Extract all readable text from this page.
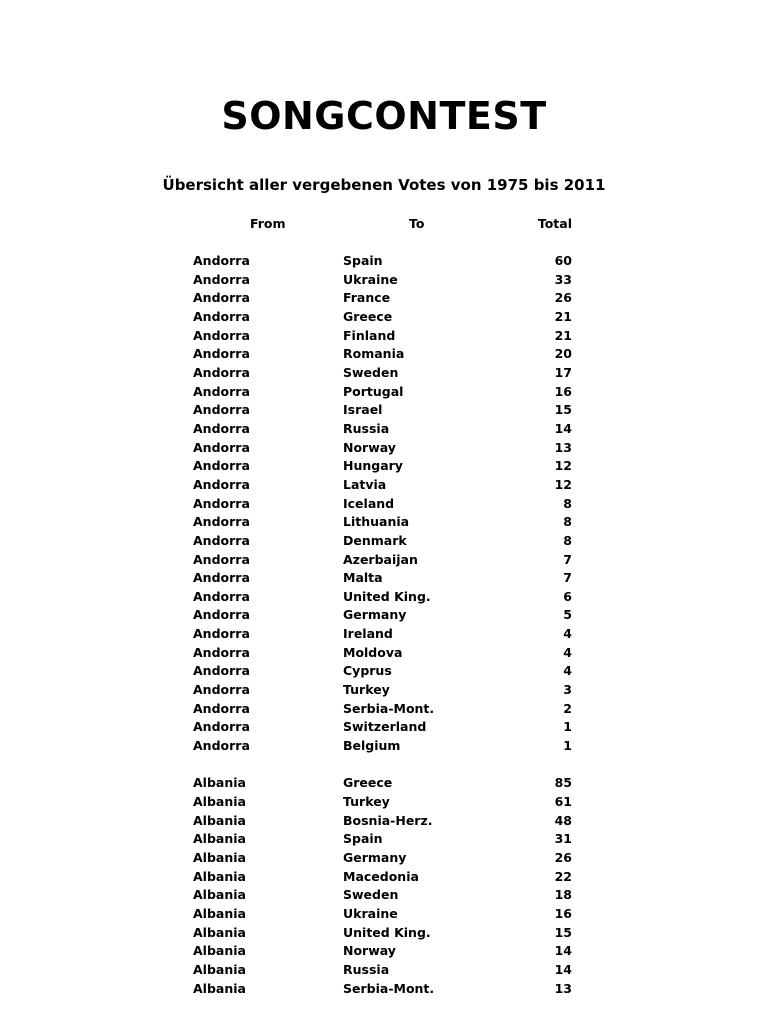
SONGCONTEST
Übersicht aller vergebenen Votes von 1975 bis 2011
From	To	Total
Andorra	Spain	60
Andorra	Ukraine	33
Andorra	France	26
Andorra	Greece	21
Andorra	Finland	21
Andorra	Romania	20
Andorra	Sweden	17
Andorra	Portugal	16
Andorra	Israel	15
Andorra	Russia	14
Andorra	Norway	13
Andorra	Hungary	12
Andorra	Latvia	12
Andorra	Iceland	8
Andorra	Lithuania	8
Andorra	Denmark	8
Andorra	Azerbaijan	7
Andorra	Malta	7
Andorra	United King.	6
Andorra	Germany	5
Andorra	Ireland	4
Andorra	Moldova	4
Andorra	Cyprus	4
Andorra	Turkey	3
Andorra	Serbia-Mont.	2
Andorra	Switzerland	1
Andorra	Belgium	1
Albania	Greece	85
Albania	Turkey	61
Albania	Bosnia-Herz.	48
Albania	Spain	31
Albania	Germany	26
Albania	Macedonia	22
Albania	Sweden	18
Albania	Ukraine	16
Albania	United King.	15
Albania	Norway	14
Albania	Russia	14
Albania	Serbia-Mont.	13
